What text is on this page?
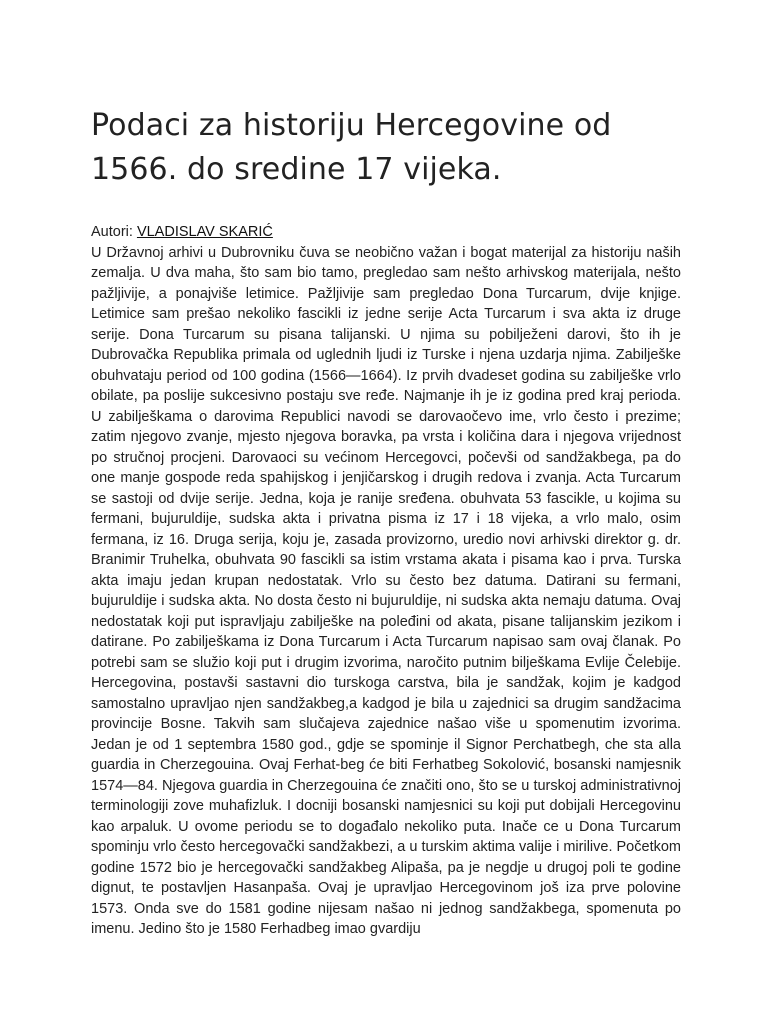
Podaci za historiju Hercegovine od 1566. do sredine 17 vijeka.
Autori: VLADISLAV SKARIĆ

U Državnoj arhivi u Dubrovniku čuva se neobično važan i bogat materijal za historiju naših zemalja. U dva maha, što sam bio tamo, pregledao sam nešto arhivskog materijala, nešto pažljivije, a ponajviše letimice. Pažljivije sam pregledao Dona Turcarum, dvije knjige. Letimice sam prešao nekoliko fascikli iz jedne serije Acta Turcarum i sva akta iz druge serije. Dona Turcarum su pisana talijanski. U njima su pobilježeni darovi, što ih je Dubrovačka Republika primala od uglednih ljudi iz Turske i njena uzdarja njima. Zabilješke obuhvataju period od 100 godina (1566—1664). Iz prvih dvadeset godina su zabilješke vrlo obilate, pa poslije sukcesivno postaju sve ređe. Najmanje ih je iz godina pred kraj perioda. U zabilješkama o darovima Republici navodi se darovaočevo ime, vrlo često i prezime; zatim njegovo zvanje, mjesto njegova boravka, pa vrsta i količina dara i njegova vrijednost po stručnoj procjeni. Darovaoci su većinom Hercegovci, počevši od sandžakbega, pa do one manje gospode reda spahijskog i jenjičarskog i drugih redova i zvanja. Acta Turcarum se sastoji od dvije serije. Jedna, koja je ranije sređena. obuhvata 53 fascikle, u kojima su fermani, bujuruldije, sudska akta i privatna pisma iz 17 i 18 vijeka, a vrlo malo, osim fermana, iz 16. Druga serija, koju je, zasada provizorno, uredio novi arhivski direktor g. dr. Branimir Truhelka, obuhvata 90 fascikli sa istim vrstama akata i pisama kao i prva. Turska akta imaju jedan krupan nedostatak. Vrlo su često bez datuma. Datirani su fermani, bujuruldije i sudska akta. No dosta često ni bujuruldije, ni sudska akta nemaju datuma. Ovaj nedostatak koji put ispravljaju zabilješke na poleđini od akata, pisane talijanskim jezikom i datirane. Po zabilješkama iz Dona Turcarum i Acta Turcarum napisao sam ovaj članak. Po potrebi sam se služio koji put i drugim izvorima, naročito putnim bilješkama Evlije Čelebije. Hercegovina, postavši sastavni dio turskoga carstva, bila je sandžak, kojim je kadgod samostalno upravljao njen sandžakbeg,a kadgod je bila u zajednici sa drugim sandžacima provincije Bosne. Takvih sam slučajeva zajednice našao više u spomenutim izvorima. Jedan je od 1 septembra 1580 god., gdje se spominje il Signor Perchatbegh, che sta alla guardia in Cherzegouina. Ovaj Ferhat-beg će biti Ferhatbeg Sokolović, bosanski namjesnik 1574—84. Njegova guardia in Cherzegouina će značiti ono, što se u turskoj administrativnoj terminologiji zove muhafizluk. I docniji bosanski namjesnici su koji put dobijali Hercegovinu kao arpaluk. U ovome periodu se to događalo nekoliko puta. Inače ce u Dona Turcarum spominju vrlo često hercegovački sandžakbezi, a u turskim aktima valije i mirilive. Početkom godine 1572 bio je hercegovački sandžakbeg Alipaša, pa je negdje u drugoj poli te godine dignut, te postavljen Hasanpaša. Ovaj je upravljao Hercegovinom još iza prve polovine 1573. Onda sve do 1581 godine nijesam našao ni jednog sandžakbega, spomenuta po imenu. Jedino što je 1580 Ferhadbeg imao gvardiju
